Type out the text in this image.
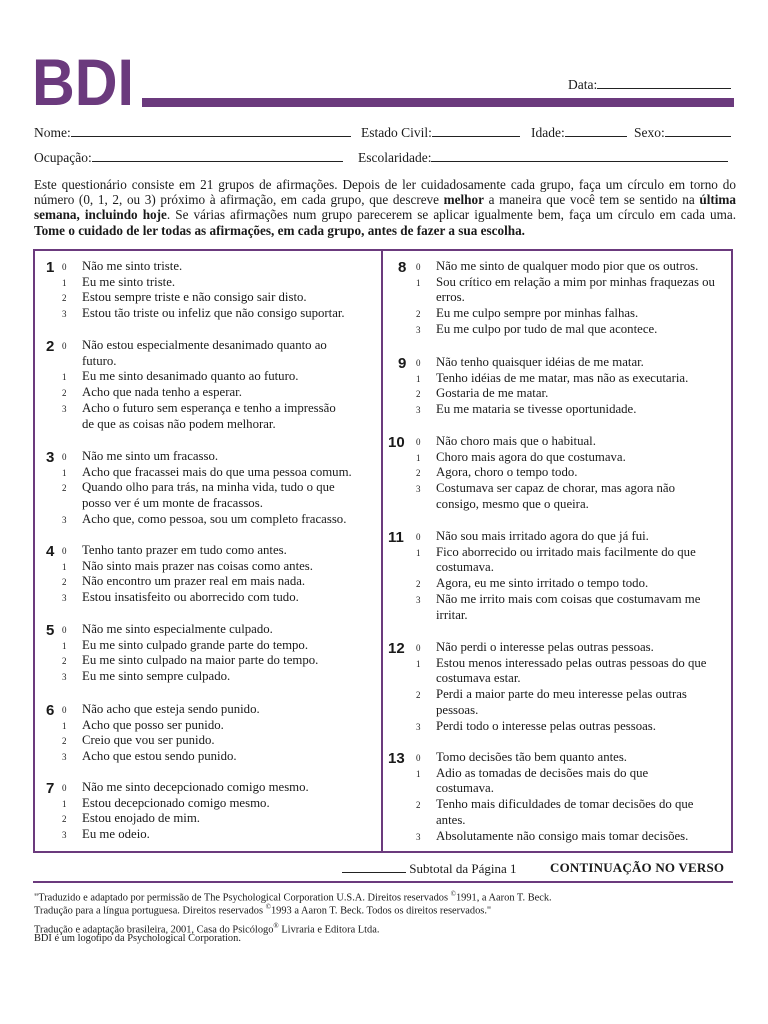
BDI	Data:
Nome:	Estado Civil:	Idade:	Sexo:
Ocupação:	Escolaridade:
Este questionário consiste em 21 grupos de afirmações. Depois de ler cuidadosamente cada grupo, faça um círculo em torno do número (0, 1, 2, ou 3) próximo à afirmação, em cada grupo, que descreve melhor a maneira que você tem se sentido na última semana, incluindo hoje. Se várias afirmações num grupo parecerem se aplicar igualmente bem, faça um círculo em cada uma. Tome o cuidado de ler todas as afirmações, em cada grupo, antes de fazer a sua escolha.
1 0 Não me sinto triste.
1 Eu me sinto triste.
2 Estou sempre triste e não consigo sair disto.
3 Estou tão triste ou infeliz que não consigo suportar.
2 0 Não estou especialmente desanimado quanto ao futuro.
1 Eu me sinto desanimado quanto ao futuro.
2 Acho que nada tenho a esperar.
3 Acho o futuro sem esperança e tenho a impressão de que as coisas não podem melhorar.
3 0 Não me sinto um fracasso.
1 Acho que fracassei mais do que uma pessoa comum.
2 Quando olho para trás, na minha vida, tudo o que posso ver é um monte de fracassos.
3 Acho que, como pessoa, sou um completo fracasso.
4 0 Tenho tanto prazer em tudo como antes.
1 Não sinto mais prazer nas coisas como antes.
2 Não encontro um prazer real em mais nada.
3 Estou insatisfeito ou aborrecido com tudo.
5 0 Não me sinto especialmente culpado.
1 Eu me sinto culpado grande parte do tempo.
2 Eu me sinto culpado na maior parte do tempo.
3 Eu me sinto sempre culpado.
6 0 Não acho que esteja sendo punido.
1 Acho que posso ser punido.
2 Creio que vou ser punido.
3 Acho que estou sendo punido.
7 0 Não me sinto decepcionado comigo mesmo.
1 Estou decepcionado comigo mesmo.
2 Estou enojado de mim.
3 Eu me odeio.
8 0 Não me sinto de qualquer modo pior que os outros.
1 Sou crítico em relação a mim por minhas fraquezas ou erros.
2 Eu me culpo sempre por minhas falhas.
3 Eu me culpo por tudo de mal que acontece.
9 0 Não tenho quaisquer idéias de me matar.
1 Tenho idéias de me matar, mas não as executaria.
2 Gostaria de me matar.
3 Eu me mataria se tivesse oportunidade.
10 0 Não choro mais que o habitual.
1 Choro mais agora do que costumava.
2 Agora, choro o tempo todo.
3 Costumava ser capaz de chorar, mas agora não consigo, mesmo que o queira.
11 0 Não sou mais irritado agora do que já fui.
1 Fico aborrecido ou irritado mais facilmente do que costumava.
2 Agora, eu me sinto irritado o tempo todo.
3 Não me irrito mais com coisas que costumavam me irritar.
12 0 Não perdi o interesse pelas outras pessoas.
1 Estou menos interessado pelas outras pessoas do que costumava estar.
2 Perdi a maior parte do meu interesse pelas outras pessoas.
3 Perdi todo o interesse pelas outras pessoas.
13 0 Tomo decisões tão bem quanto antes.
1 Adio as tomadas de decisões mais do que costumava.
2 Tenho mais dificuldades de tomar decisões do que antes.
3 Absolutamente não consigo mais tomar decisões.
Subtotal da Página 1	CONTINUAÇÃO NO VERSO
"Traduzido e adaptado por permissão de The Psychological Corporation U.S.A. Direitos reservados ©1991, a Aaron T. Beck.
Tradução para a língua portuguesa. Direitos reservados ©1993 a Aaron T. Beck. Todos os direitos reservados."
Tradução e adaptação brasileira, 2001, Casa do Psicólogo® Livraria e Editora Ltda.
BDI é um logotipo da Psychological Corporation.
